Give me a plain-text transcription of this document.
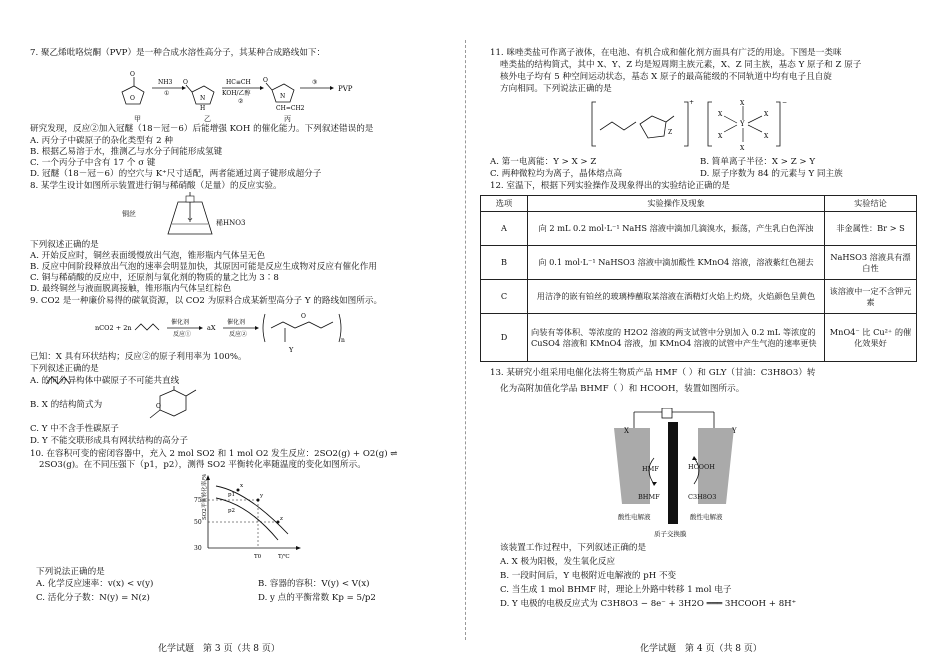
7. 聚乙烯吡咯烷酮（PVP）是一种合成水溶性高分子，其某种合成路线如下：

O
O
NH3
①
O
N
H
HC≡CH
KOH/乙醇
②
O
N
CH=CH2
③
PVP
甲	乙	丙

研究发现，反应②加入冠醚（18－冠－6）后能增强 KOH 的催化能力。下列叙述错误的是

A. 丙分子中碳原子的杂化类型有 2 种

B. 根据乙易溶于水，推测乙与水分子间能形成氢键

C. 一个丙分子中含有 17 个 σ 键

D. 冠醚（18－冠－6）的空穴与 K⁺尺寸适配，两者能通过离子键形成超分子

8. 某学生设计如图所示装置进行铜与稀硝酸（足量）的反应实验。

铜丝
稀HNO3

下列叙述正确的是

A. 开始反应时，铜丝表面缓慢放出气泡，锥形瓶内气体呈无色

B. 反应中间阶段释放出气泡的速率会明显加快，其原因可能是反应生成物对反应有催化作用

C. 铜与稀硝酸的反应中，还原剂与氧化剂的物质的量之比为 3∶8

D. 最终铜丝与液面脱离接触，锥形瓶内气体呈红棕色

9. CO2 是一种廉价易得的碳氧资源，以 CO2 为原料合成某新型高分子 Y 的路线如图所示。

nCO2 + 2n
催化剂
反应①
aX
催化剂
反应②
O
n
Y

已知：X 具有环状结构；反应②的原子利用率为 100%。

下列叙述正确的是

A. 的同分异构体中碳原子不可能共直线

B. X 的结构简式为	O

C. Y 中不含手性碳原子

D. Y 不能交联形成具有网状结构的高分子

10. 在容积可变的密闭容器中，充入 2 mol SO2 和 1 mol O2 发生反应：2SO2(g) + O2(g) ⇌

2SO3(g)。在不同压强下（p1，p2），测得 SO2 平衡转化率随温度的变化如图所示。

SO2平衡转化率/%
75
50
30
x
y
z
p1
p2
T0	T/℃

下列说法正确的是

A. 化学反应速率：v(x) < v(y)	B. 容器的容积：V(y) < V(x)

C. 活化分子数：N(y) = N(z)	D. y 点的平衡常数 Kp = 5/p2

化学试题　第 3 页（共 8 页）

11. 咪唑类盐可作离子液体，在电池、有机合成和催化剂方面具有广泛的用途。下图是一类咪

唑类盐的结构简式，其中 X、Y、Z 均是短周期主族元素，X、Z 同主族，基态 Y 原子和 Z 原子

核外电子均有 5 种空间运动状态，基态 X 原子的最高能级的不同轨道中均有电子且自旋

方向相同。下列说法正确的是

Z
+
Y
X
X
X	X
X	X
−

A. 第一电离能：Y > X > Z	B. 简单离子半径：X > Z > Y

C. 两种微粒均为离子，晶体熔点高	D. 原子序数为 84 的元素与 Y 同主族

12. 室温下，根据下列实验操作及现象得出的实验结论正确的是

选项	实验操作及现象	实验结论
A	向 2 mL 0.2 mol·L⁻¹ NaHS 溶液中滴加几滴溴水，振荡，产生乳白色浑浊	非金属性：Br > S
B	向 0.1 mol·L⁻¹ NaHSO3 溶液中滴加酸性 KMnO4 溶液，溶液紫红色褪去	NaHSO3 溶液具有漂白性
C	用洁净的嵌有铂丝的玻璃棒蘸取某溶液在酒精灯火焰上灼烧，火焰颜色呈黄色	该溶液中一定不含钾元素
D	向装有等体积、等浓度的 H2O2 溶液的两支试管中分别加入 0.2 mL 等浓度的 CuSO4 溶液和 KMnO4 溶液，加 KMnO4 溶液的试管中产生气泡的速率更快	MnO4⁻ 比 Cu²⁺ 的催化效果好

13. 某研究小组采用电催化法将生物质产品 HMF（ ）和 GLY（甘油：C3H8O3）转

化为高附加值化学品 BHMF（ ）和 HCOOH，装置如图所示。

X	Y
HMF
BHMF
HCOOH
C3H8O3
酸性电解液	酸性电解液
质子交换膜

该装置工作过程中，下列叙述正确的是

A. X 极为阳极，发生氧化反应

B. 一段时间后，Y 电极附近电解液的 pH 不变

C. 当生成 1 mol BHMF 时，理论上外路中转移 1 mol 电子

D. Y 电极的电极反应式为 C3H8O3 − 8e⁻ + 3H2O ═══ 3HCOOH + 8H⁺

化学试题　第 4 页（共 8 页）
